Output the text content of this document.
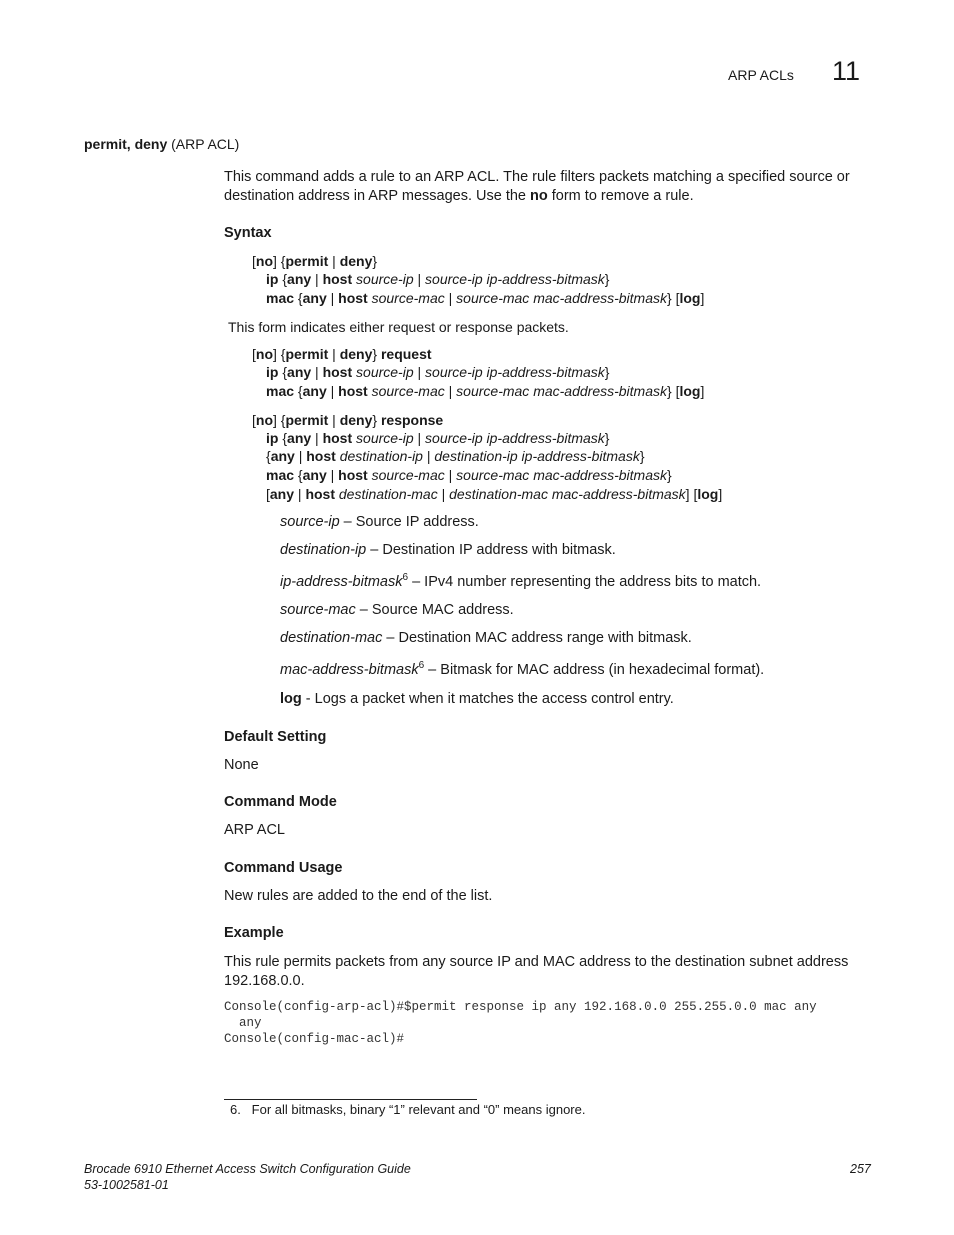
ARP ACLs 11
permit, deny (ARP ACL)
This command adds a rule to an ARP ACL. The rule filters packets matching a specified source or destination address in ARP messages. Use the no form to remove a rule.
Syntax
[no] {permit | deny}
ip {any | host source-ip | source-ip ip-address-bitmask}
mac {any | host source-mac | source-mac mac-address-bitmask} [log]
This form indicates either request or response packets.
[no] {permit | deny} request
ip {any | host source-ip | source-ip ip-address-bitmask}
mac {any | host source-mac | source-mac mac-address-bitmask} [log]
[no] {permit | deny} response
ip {any | host source-ip | source-ip ip-address-bitmask}
{any | host destination-ip | destination-ip ip-address-bitmask}
mac {any | host source-mac | source-mac mac-address-bitmask}
[any | host destination-mac | destination-mac mac-address-bitmask] [log]
source-ip – Source IP address.
destination-ip – Destination IP address with bitmask.
ip-address-bitmask$^6$ – IPv4 number representing the address bits to match.
source-mac – Source MAC address.
destination-mac – Destination MAC address range with bitmask.
mac-address-bitmask$^6$ – Bitmask for MAC address (in hexadecimal format).
log - Logs a packet when it matches the access control entry.
Default Setting
None
Command Mode
ARP ACL
Command Usage
New rules are added to the end of the list.
Example
This rule permits packets from any source IP and MAC address to the destination subnet address 192.168.0.0.
Console(config-arp-acl)#$permit response ip any 192.168.0.0 255.255.0.0 mac any
any
Console(config-mac-acl)#
6.   For all bitmasks, binary “1” relevant and “0” means ignore.
Brocade 6910 Ethernet Access Switch Configuration Guide
53-1002581-01
257
